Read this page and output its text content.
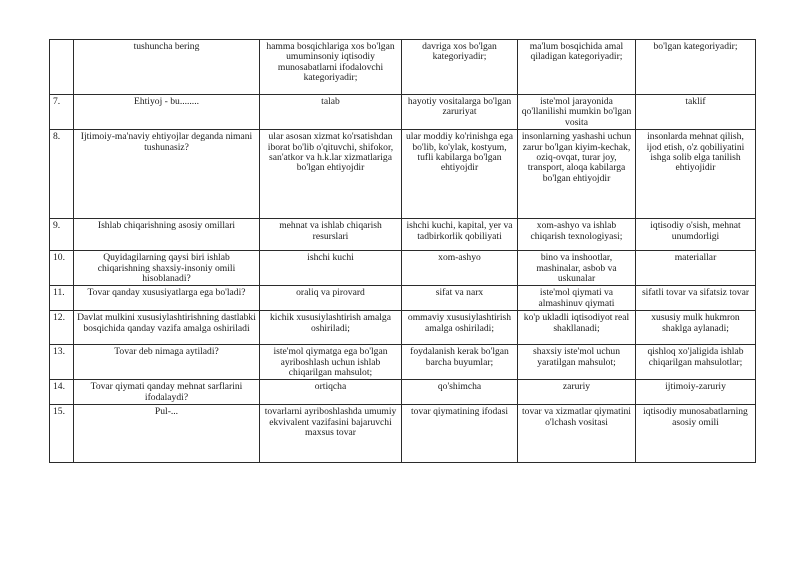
	tushuncha bering	hamma bosqichlariga xos bo'lgan umuminsoniy iqtisodiy munosabatlarni ifodalovchi kategoriyadir;	davriga xos bo'lgan kategoriyadir;	ma'lum bosqichida amal qiladigan kategoriyadir;	bo'lgan kategoriyadir;
7.	Ehtiyoj - bu........	talab	hayotiy vositalarga bo'lgan zaruriyat	iste'mol jarayonida qo'llanilishi mumkin bo'lgan vosita	taklif
8.	Ijtimoiy-ma'naviy ehtiyojlar deganda nimani tushunasiz?	ular asosan xizmat ko'rsatishdan iborat bo'lib o'qituvchi, shifokor, san'atkor va h.k.lar xizmatlariga bo'lgan ehtiyojdir	ular moddiy ko'rinishga ega bo'lib, ko'ylak, kostyum, tufli kabilarga bo'lgan ehtiyojdir	insonlarning yashashi uchun zarur bo'lgan kiyim-kechak, oziq-ovqat, turar joy, transport, aloqa kabilarga bo'lgan ehtiyojdir	insonlarda mehnat qilish, ijod etish, o'z qobiliyatini ishga solib elga tanilish ehtiyojidir
9.	Ishlab chiqarishning asosiy omillari	mehnat va ishlab chiqarish resurslari	ishchi kuchi, kapital, yer va tadbirkorlik qobiliyati	xom-ashyo va ishlab chiqarish texnologiyasi;	iqtisodiy o'sish, mehnat unumdorligi
10.	Quyidagilarning qaysi biri ishlab chiqarishning shaxsiy-insoniy omili hisoblanadi?	ishchi kuchi	xom-ashyo	bino va inshootlar, mashinalar, asbob va uskunalar	materiallar
11.	Tovar qanday xususiyatlarga ega bo'ladi?	oraliq va pirovard	sifat va narx	iste'mol qiymati va almashinuv qiymati	sifatli tovar va sifatsiz tovar
12.	Davlat mulkini xususiylashtirishning dastlabki bosqichida qanday vazifa amalga oshiriladi	kichik xususiylashtirish amalga oshiriladi;	ommaviy xususiylashtirish amalga oshiriladi;	ko'p ukladli iqtisodiyot real shakllanadi;	xususiy mulk hukmron shaklga aylanadi;
13.	Tovar deb nimaga aytiladi?	iste'mol qiymatga ega bo'lgan ayriboshlash uchun ishlab chiqarilgan mahsulot;	foydalanish kerak bo'lgan barcha buyumlar;	shaxsiy iste'mol uchun yaratilgan mahsulot;	qishloq xo'jaligida ishlab chiqarilgan mahsulotlar;
14.	Tovar qiymati qanday mehnat sarflarini ifodalaydi?	ortiqcha	qo'shimcha	zaruriy	ijtimoiy-zaruriy
15.	Pul-...	tovarlarni ayriboshlashda umumiy ekvivalent vazifasini bajaruvchi maxsus tovar	tovar qiymatining ifodasi	tovar va xizmatlar qiymatini o'lchash vositasi	iqtisodiy munosabatlarning asosiy omili
